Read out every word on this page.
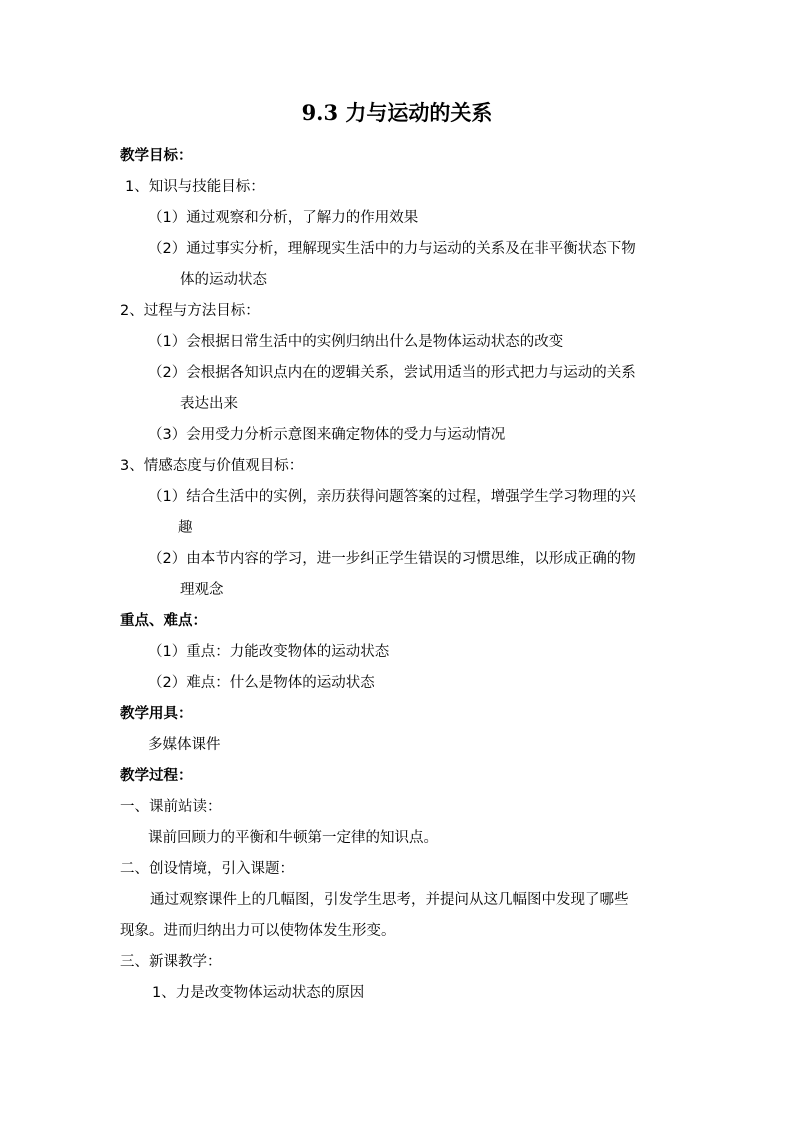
9.3 力与运动的关系
教学目标：
1、知识与技能目标：
（1）通过观察和分析，了解力的作用效果
（2）通过事实分析，理解现实生活中的力与运动的关系及在非平衡状态下物
体的运动状态
2、过程与方法目标：
（1）会根据日常生活中的实例归纳出什么是物体运动状态的改变
（2）会根据各知识点内在的逻辑关系，尝试用适当的形式把力与运动的关系
表达出来
（3）会用受力分析示意图来确定物体的受力与运动情况
3、情感态度与价值观目标：
（1）结合生活中的实例，亲历获得问题答案的过程，增强学生学习物理的兴
趣
（2）由本节内容的学习，进一步纠正学生错误的习惯思维，以形成正确的物
理观念
重点、难点：
（1）重点：力能改变物体的运动状态
（2）难点：什么是物体的运动状态
教学用具：
多媒体课件
教学过程：
一、课前站读：
课前回顾力的平衡和牛顿第一定律的知识点。
二、创设情境，引入课题：
通过观察课件上的几幅图，引发学生思考，并提问从这几幅图中发现了哪些
现象。进而归纳出力可以使物体发生形变。
三、新课教学：
1、力是改变物体运动状态的原因
